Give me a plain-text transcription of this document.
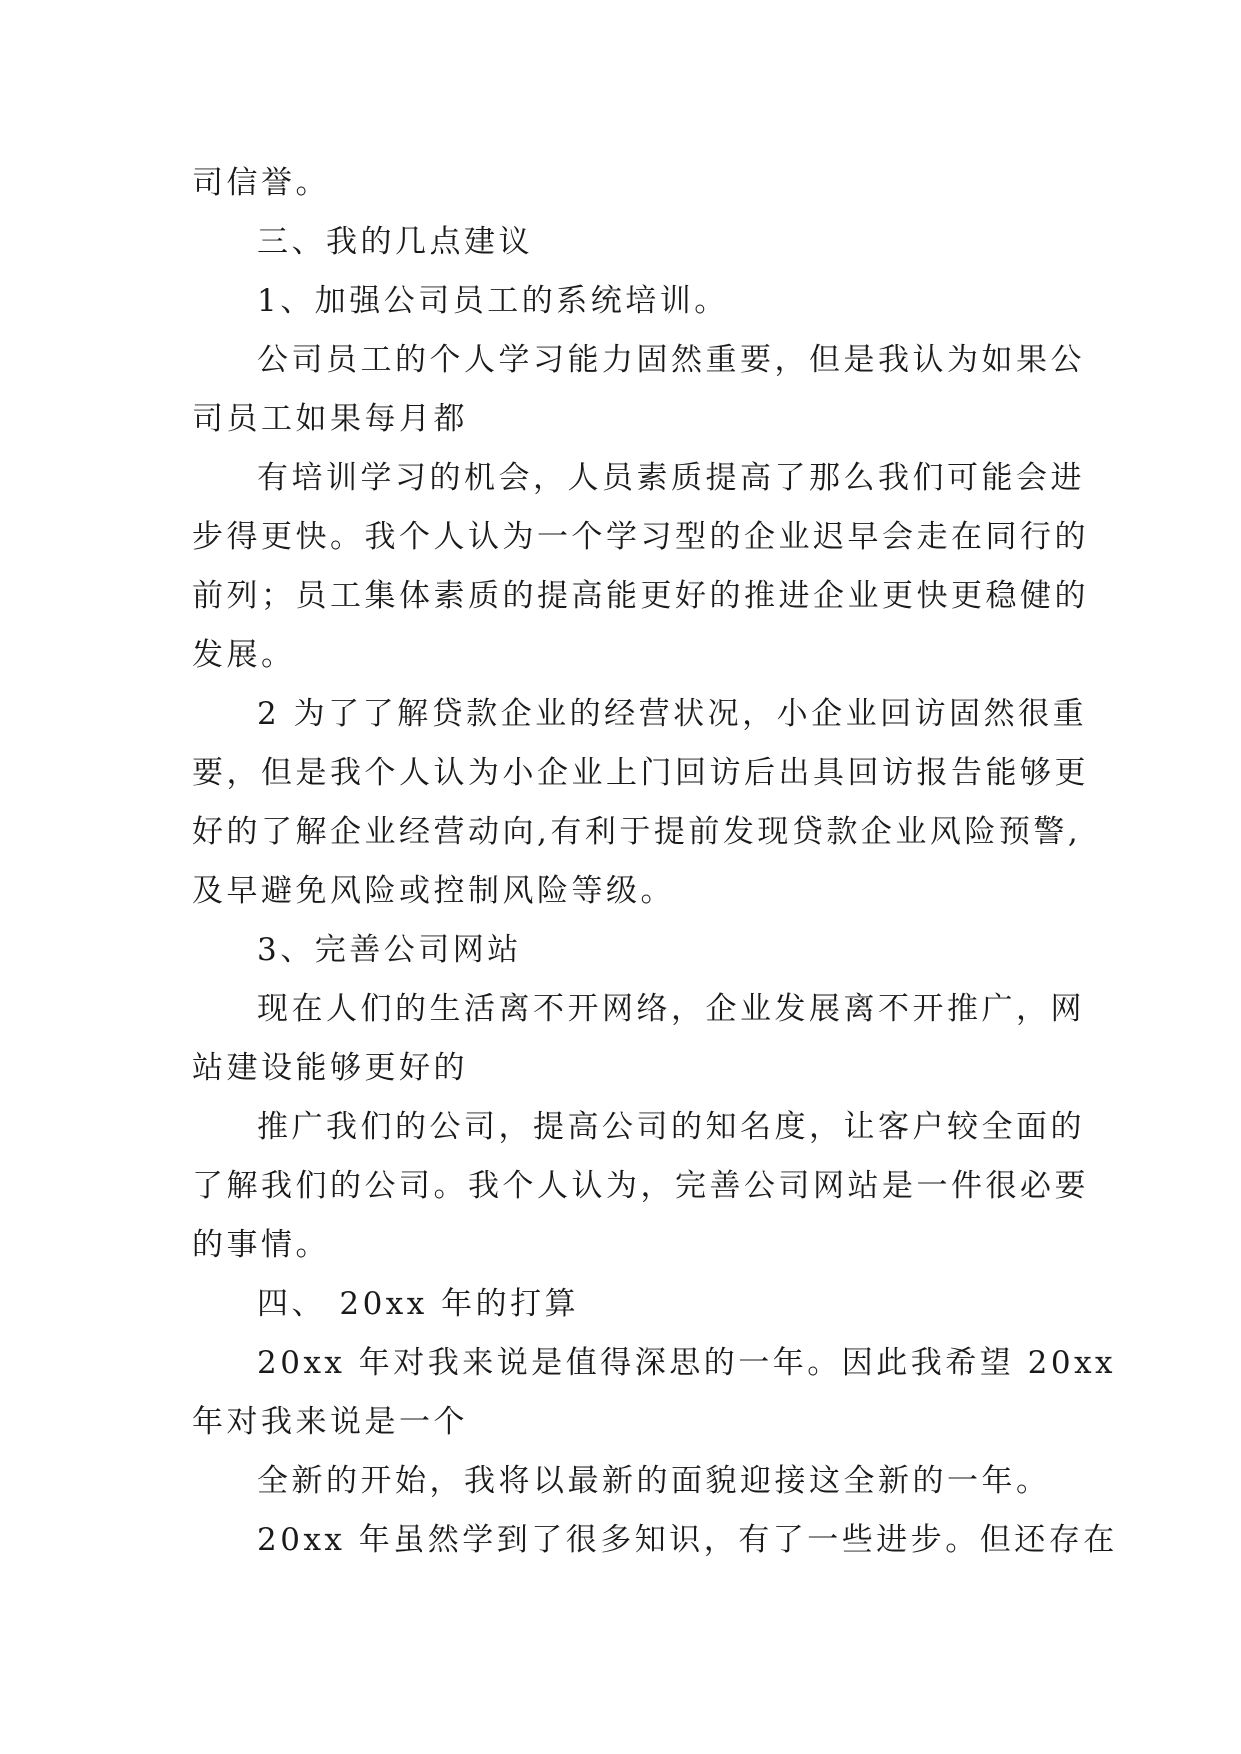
司信誉。
三、我的几点建议
1、加强公司员工的系统培训。
公司员工的个人学习能力固然重要，但是我认为如果公
司员工如果每月都
有培训学习的机会，人员素质提高了那么我们可能会进
步得更快。我个人认为一个学习型的企业迟早会走在同行的
前列；员工集体素质的提高能更好的推进企业更快更稳健的
发展。
2 为了了解贷款企业的经营状况，小企业回访固然很重
要，但是我个人认为小企业上门回访后出具回访报告能够更
好的了解企业经营动向,有利于提前发现贷款企业风险预警,
及早避免风险或控制风险等级。
3、完善公司网站
现在人们的生活离不开网络，企业发展离不开推广，网
站建设能够更好的
推广我们的公司，提高公司的知名度，让客户较全面的
了解我们的公司。我个人认为，完善公司网站是一件很必要
的事情。
四、 20xx 年的打算
20xx 年对我来说是值得深思的一年。因此我希望 20xx
年对我来说是一个
全新的开始，我将以最新的面貌迎接这全新的一年。
20xx 年虽然学到了很多知识，有了一些进步。但还存在
